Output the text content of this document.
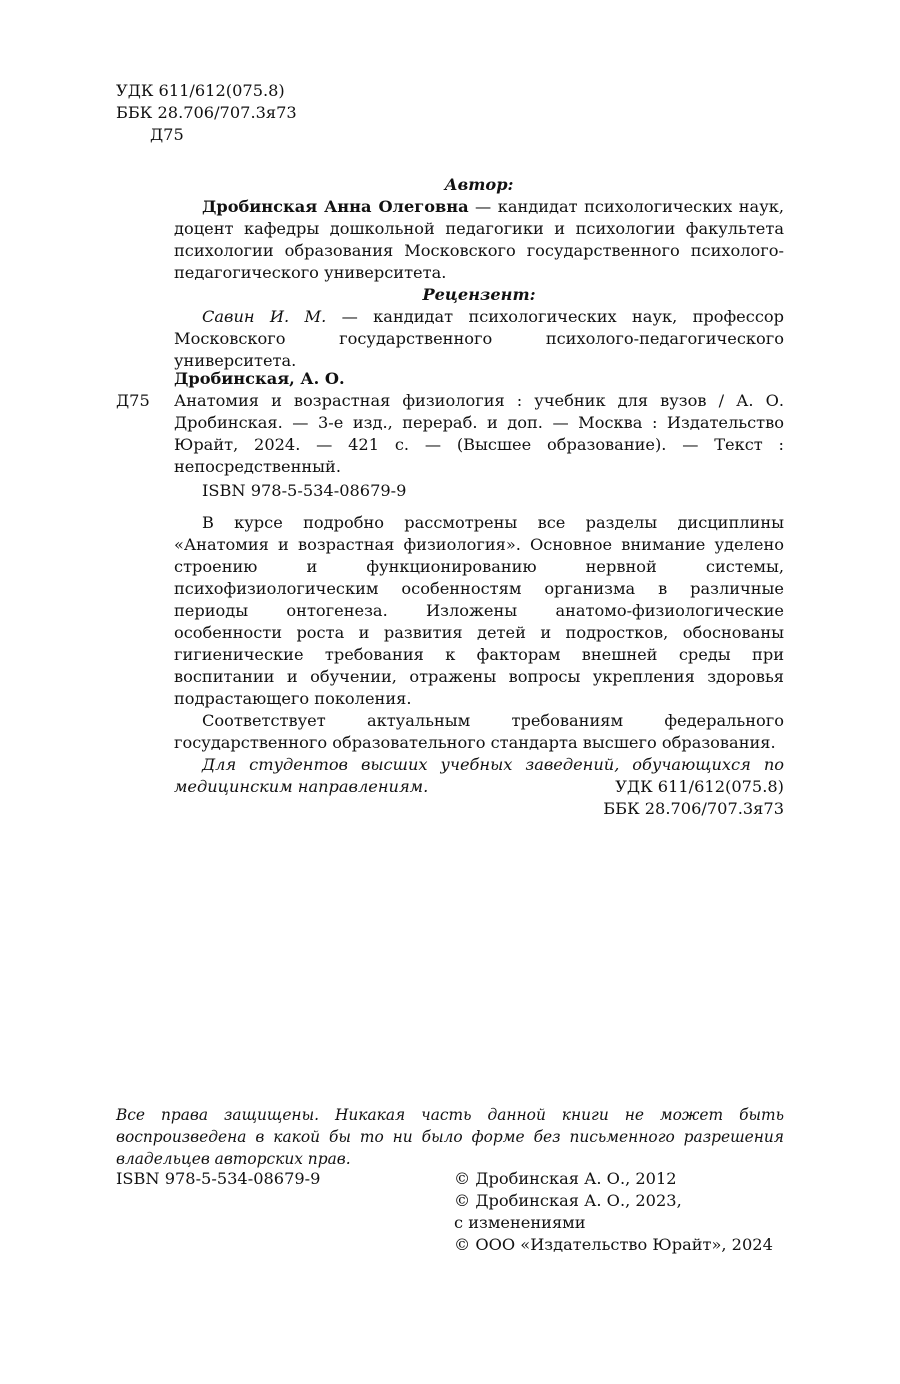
УДК 611/612(075.8)
ББК 28.706/707.3я73
Д75
Автор:
Дробинская Анна Олеговна — кандидат психологических наук, доцент кафедры дошкольной педагогики и психологии факультета психологии образования Московского государственного психолого-педагогического университета.
Рецензент:
Савин И. М. — кандидат психологических наук, профессор Московского государственного психолого-педагогического университета.
Дробинская, А. О.
Д75 Анатомия и возрастная физиология : учебник для вузов / А. О. Дробинская. — 3-е изд., перераб. и доп. — Москва : Издательство Юрайт, 2024. — 421 с. — (Высшее образование). — Текст : непосредственный.
ISBN 978-5-534-08679-9
В курсе подробно рассмотрены все разделы дисциплины «Анатомия и возрастная физиология». Основное внимание уделено строению и функционированию нервной системы, психофизиологическим особенностям организма в различные периоды онтогенеза. Изложены анатомо-физиологические особенности роста и развития детей и подростков, обоснованы гигиенические требования к факторам внешней среды при воспитании и обучении, отражены вопросы укрепления здоровья подрастающего поколения.
Соответствует актуальным требованиям федерального государственного образовательного стандарта высшего образования.
Для студентов высших учебных заведений, обучающихся по медицинским направлениям.	УДК 611/612(075.8)
ББК 28.706/707.3я73
Все права защищены. Никакая часть данной книги не может быть воспроизведена в какой бы то ни было форме без письменного разрешения владельцев авторских прав.
ISBN 978-5-534-08679-9	© Дробинская А. О., 2012
© Дробинская А. О., 2023,
с изменениями
© ООО «Издательство Юрайт», 2024
